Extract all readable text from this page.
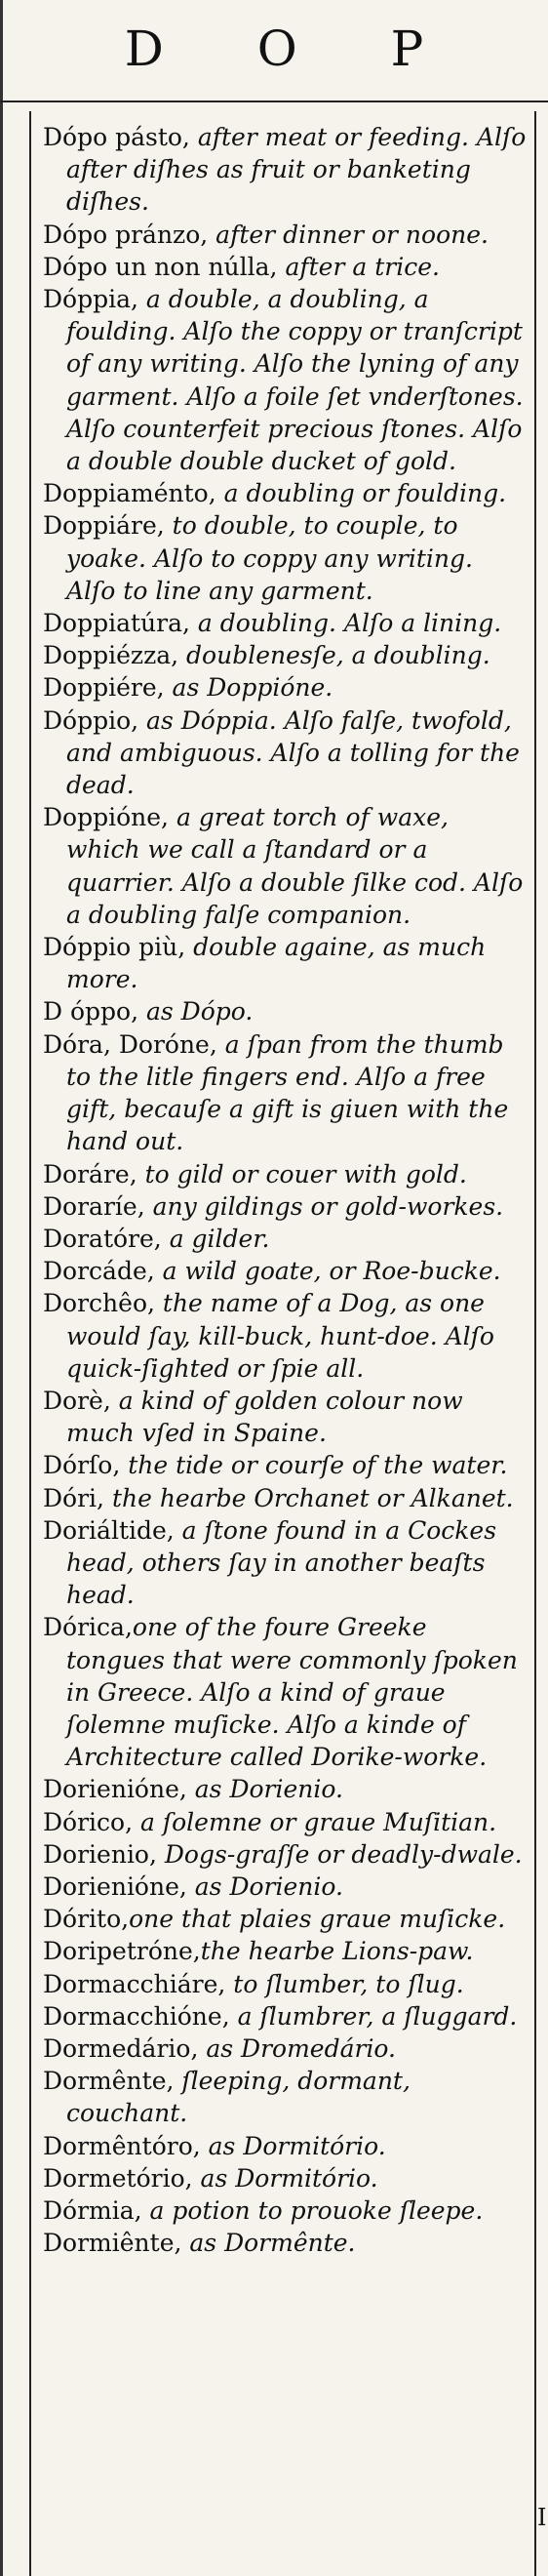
D O P
Dópo pásto, after meat or feeding. Alſo after diſhes as fruit or banketing diſhes.
Dópo pránzo, after dinner or noone.
Dópo un non núlla, after a trice.
Dóppia, a double, a doubling, a foulding. Alſo the coppy or tranſcript of any writing. Alſo the lyning of any garment. Alſo a foile ſet vnderſtones. Alſo counterfeit precious ſtones. Alſo a double double ducket of gold.
Doppiaménto, a doubling or foulding.
Doppiáre, to double, to couple, to yoake. Alſo to coppy any writing. Alſo to line any garment.
Doppiatúra, a doubling. Alſo a lining.
Doppiézza, doublenesſe, a doubling.
Doppiére, as Doppióne.
Dóppio, as Dóppia. Alſo falſe, twofold, and ambiguous. Alſo a tolling for the dead.
Doppióne, a great torch of waxe, which we call a ſtandard or a quarrier. Alſo a double ſilke cod. Alſo a doubling falſe companion.
Dóppio più, double againe, as much more.
D óppo, as Dópo.
Dóra, Doróne, a ſpan from the thumb to the litle fingers end. Alſo a free gift, becauſe a gift is giuen with the hand out.
Doráre, to gild or couer with gold.
Doraríe, any gildings or gold-workes.
Doratóre, a gilder.
Dorcáde, a wild goate, or Roe-bucke.
Dorchêo, the name of a Dog, as one would ſay, kill-buck, hunt-doe. Alſo quick-ſighted or ſpie all.
Dorè, a kind of golden colour now much vſed in Spaine.
Dórſo, the tide or courſe of the water.
Dóri, the hearbe Orchanet or Alkanet.
Doriáltide, a ſtone found in a Cockes head, others ſay in another beaſts head.
Dórica,one of the foure Greeke tongues that were commonly ſpoken in Greece. Alſo a kind of graue ſolemne muſicke. Alſo a kinde of Architecture called Dorike-worke.
Dorienióne, as Dorienio.
Dórico, a ſolemne or graue Muſitian.
Dorienio, Dogs-graſſe or deadly-dwale.
Dorienióne, as Dorienio.
Dórito,one that plaies graue muſicke.
Doripetróne,the hearbe Lions-paw.
Dormacchiáre, to ſlumber, to ſlug.
Dormacchióne, a ſlumbrer, a ſluggard.
Dormedário, as Dromedário.
Dormênte, ſleeping, dormant, couchant.
Dormêntóro, as Dormitório.
Dormetório, as Dormitório.
Dórmia, a potion to prouoke ſleepe.
Dormiênte, as Dormênte.
I
